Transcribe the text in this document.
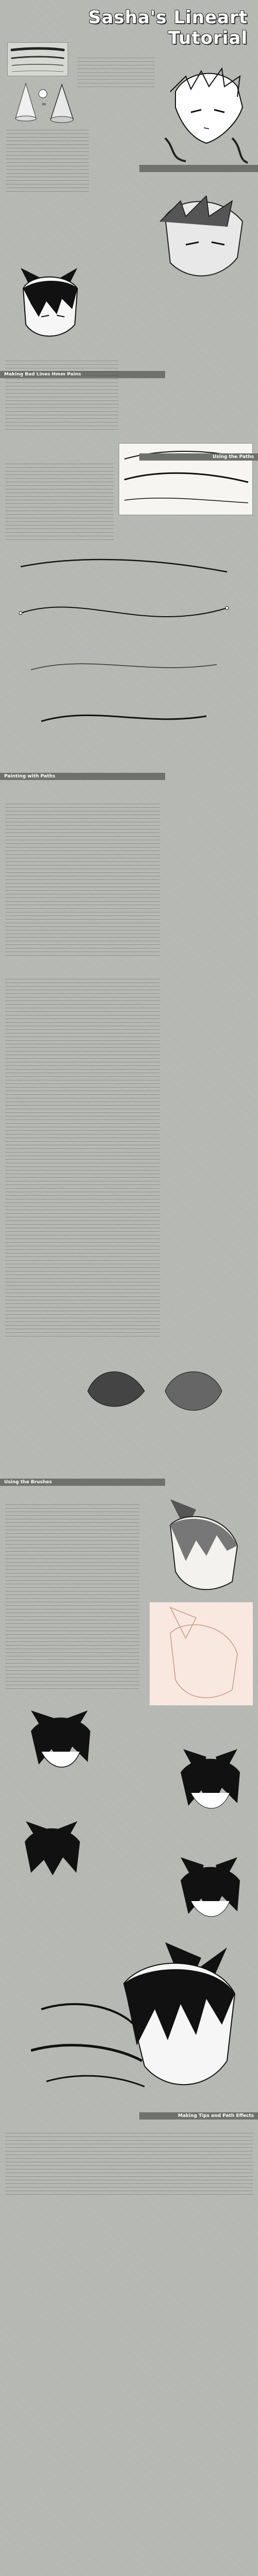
Sasha's Lineart Tutorial
=
Making Bad Lines Hmm Pains
Using the Paths
Painting with Paths
Using the Brushes
Making Tips and Path Effects
